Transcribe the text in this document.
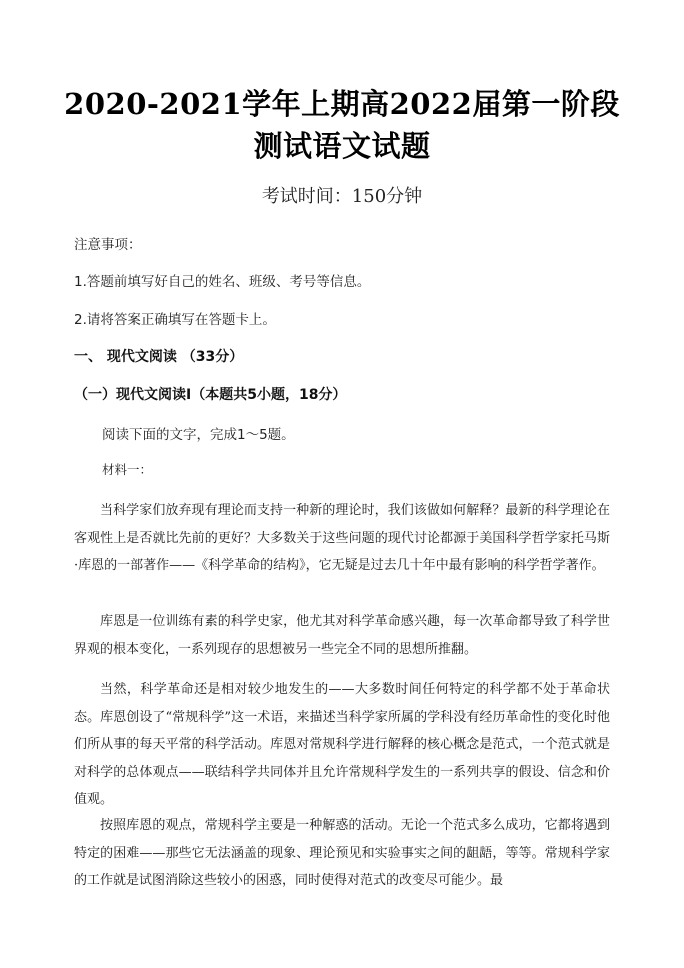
2020-2021学年上期高2022届第一阶段
测试语文试题
考试时间：150分钟
注意事项：
1.答题前填写好自己的姓名、班级、考号等信息。
2.请将答案正确填写在答题卡上。
一、 现代文阅读 （33分）
（一）现代文阅读Ⅰ（本题共5小题，18分）
阅读下面的文字，完成1～5题。
材料一：
当科学家们放弃现有理论而支持一种新的理论时，我们该做如何解释？最新的科学理论在客观性上是否就比先前的更好？大多数关于这些问题的现代讨论都源于美国科学哲学家托马斯·库恩的一部著作——《科学革命的结构》，它无疑是过去几十年中最有影响的科学哲学著作。
库恩是一位训练有素的科学史家，他尤其对科学革命感兴趣，每一次革命都导致了科学世界观的根本变化，一系列现存的思想被另一些完全不同的思想所推翻。
当然，科学革命还是相对较少地发生的——大多数时间任何特定的科学都不处于革命状态。库恩创设了“常规科学”这一术语，来描述当科学家所属的学科没有经历革命性的变化时他们所从事的每天平常的科学活动。库恩对常规科学进行解释的核心概念是范式，一个范式就是对科学的总体观点——联结科学共同体并且允许常规科学发生的一系列共享的假设、信念和价值观。
按照库恩的观点，常规科学主要是一种解惑的活动。无论一个范式多么成功，它都将遇到特定的困难——那些它无法涵盖的现象、理论预见和实验事实之间的龃龉，等等。常规科学家的工作就是试图消除这些较小的困惑，同时使得对范式的改变尽可能少。最
